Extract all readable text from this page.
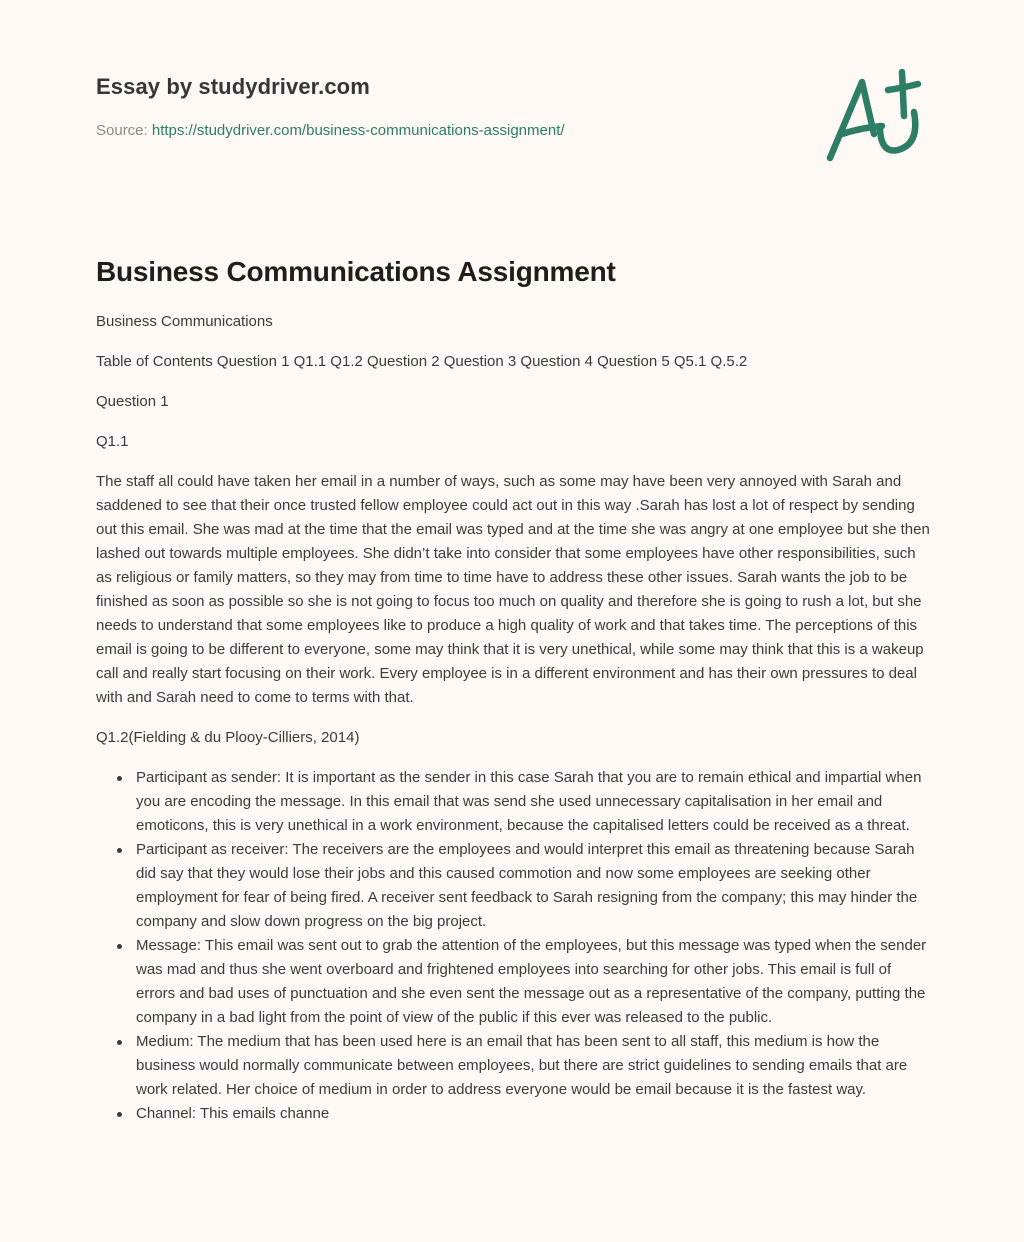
Essay by studydriver.com
Source: https://studydriver.com/business-communications-assignment/
Business Communications Assignment

Business Communications

Table of Contents Question 1 Q1.1 Q1.2 Question 2 Question 3 Question 4 Question 5 Q5.1 Q.5.2

Question 1

Q1.1

The staff all could have taken her email in a number of ways, such as some may have been very annoyed with Sarah and saddened to see that their once trusted fellow employee could act out in this way .Sarah has lost a lot of respect by sending out this email. She was mad at the time that the email was typed and at the time she was angry at one employee but she then lashed out towards multiple employees. She didn’t take into consider that some employees have other responsibilities, such as religious or family matters, so they may from time to time have to address these other issues. Sarah wants the job to be finished as soon as possible so she is not going to focus too much on quality and therefore she is going to rush a lot, but she needs to understand that some employees like to produce a high quality of work and that takes time. The perceptions of this email is going to be different to everyone, some may think that it is very unethical, while some may think that this is a wakeup call and really start focusing on their work. Every employee is in a different environment and has their own pressures to deal with and Sarah need to come to terms with that.

Q1.2(Fielding & du Plooy-Cilliers, 2014)

Participant as sender: It is important as the sender in this case Sarah that you are to remain ethical and impartial when you are encoding the message. In this email that was send she used unnecessary capitalisation in her email and emoticons, this is very unethical in a work environment, because the capitalised letters could be received as a threat.
Participant as receiver: The receivers are the employees and would interpret this email as threatening because Sarah did say that they would lose their jobs and this caused commotion and now some employees are seeking other employment for fear of being fired. A receiver sent feedback to Sarah resigning from the company; this may hinder the company and slow down progress on the big project.
Message: This email was sent out to grab the attention of the employees, but this message was typed when the sender was mad and thus she went overboard and frightened employees into searching for other jobs. This email is full of errors and bad uses of punctuation and she even sent the message out as a representative of the company, putting the company in a bad light from the point of view of the public if this ever was released to the public.
Medium: The medium that has been used here is an email that has been sent to all staff, this medium is how the business would normally communicate between employees, but there are strict guidelines to sending emails that are work related. Her choice of medium in order to address everyone would be email because it is the fastest way.
Channel: This emails channe
